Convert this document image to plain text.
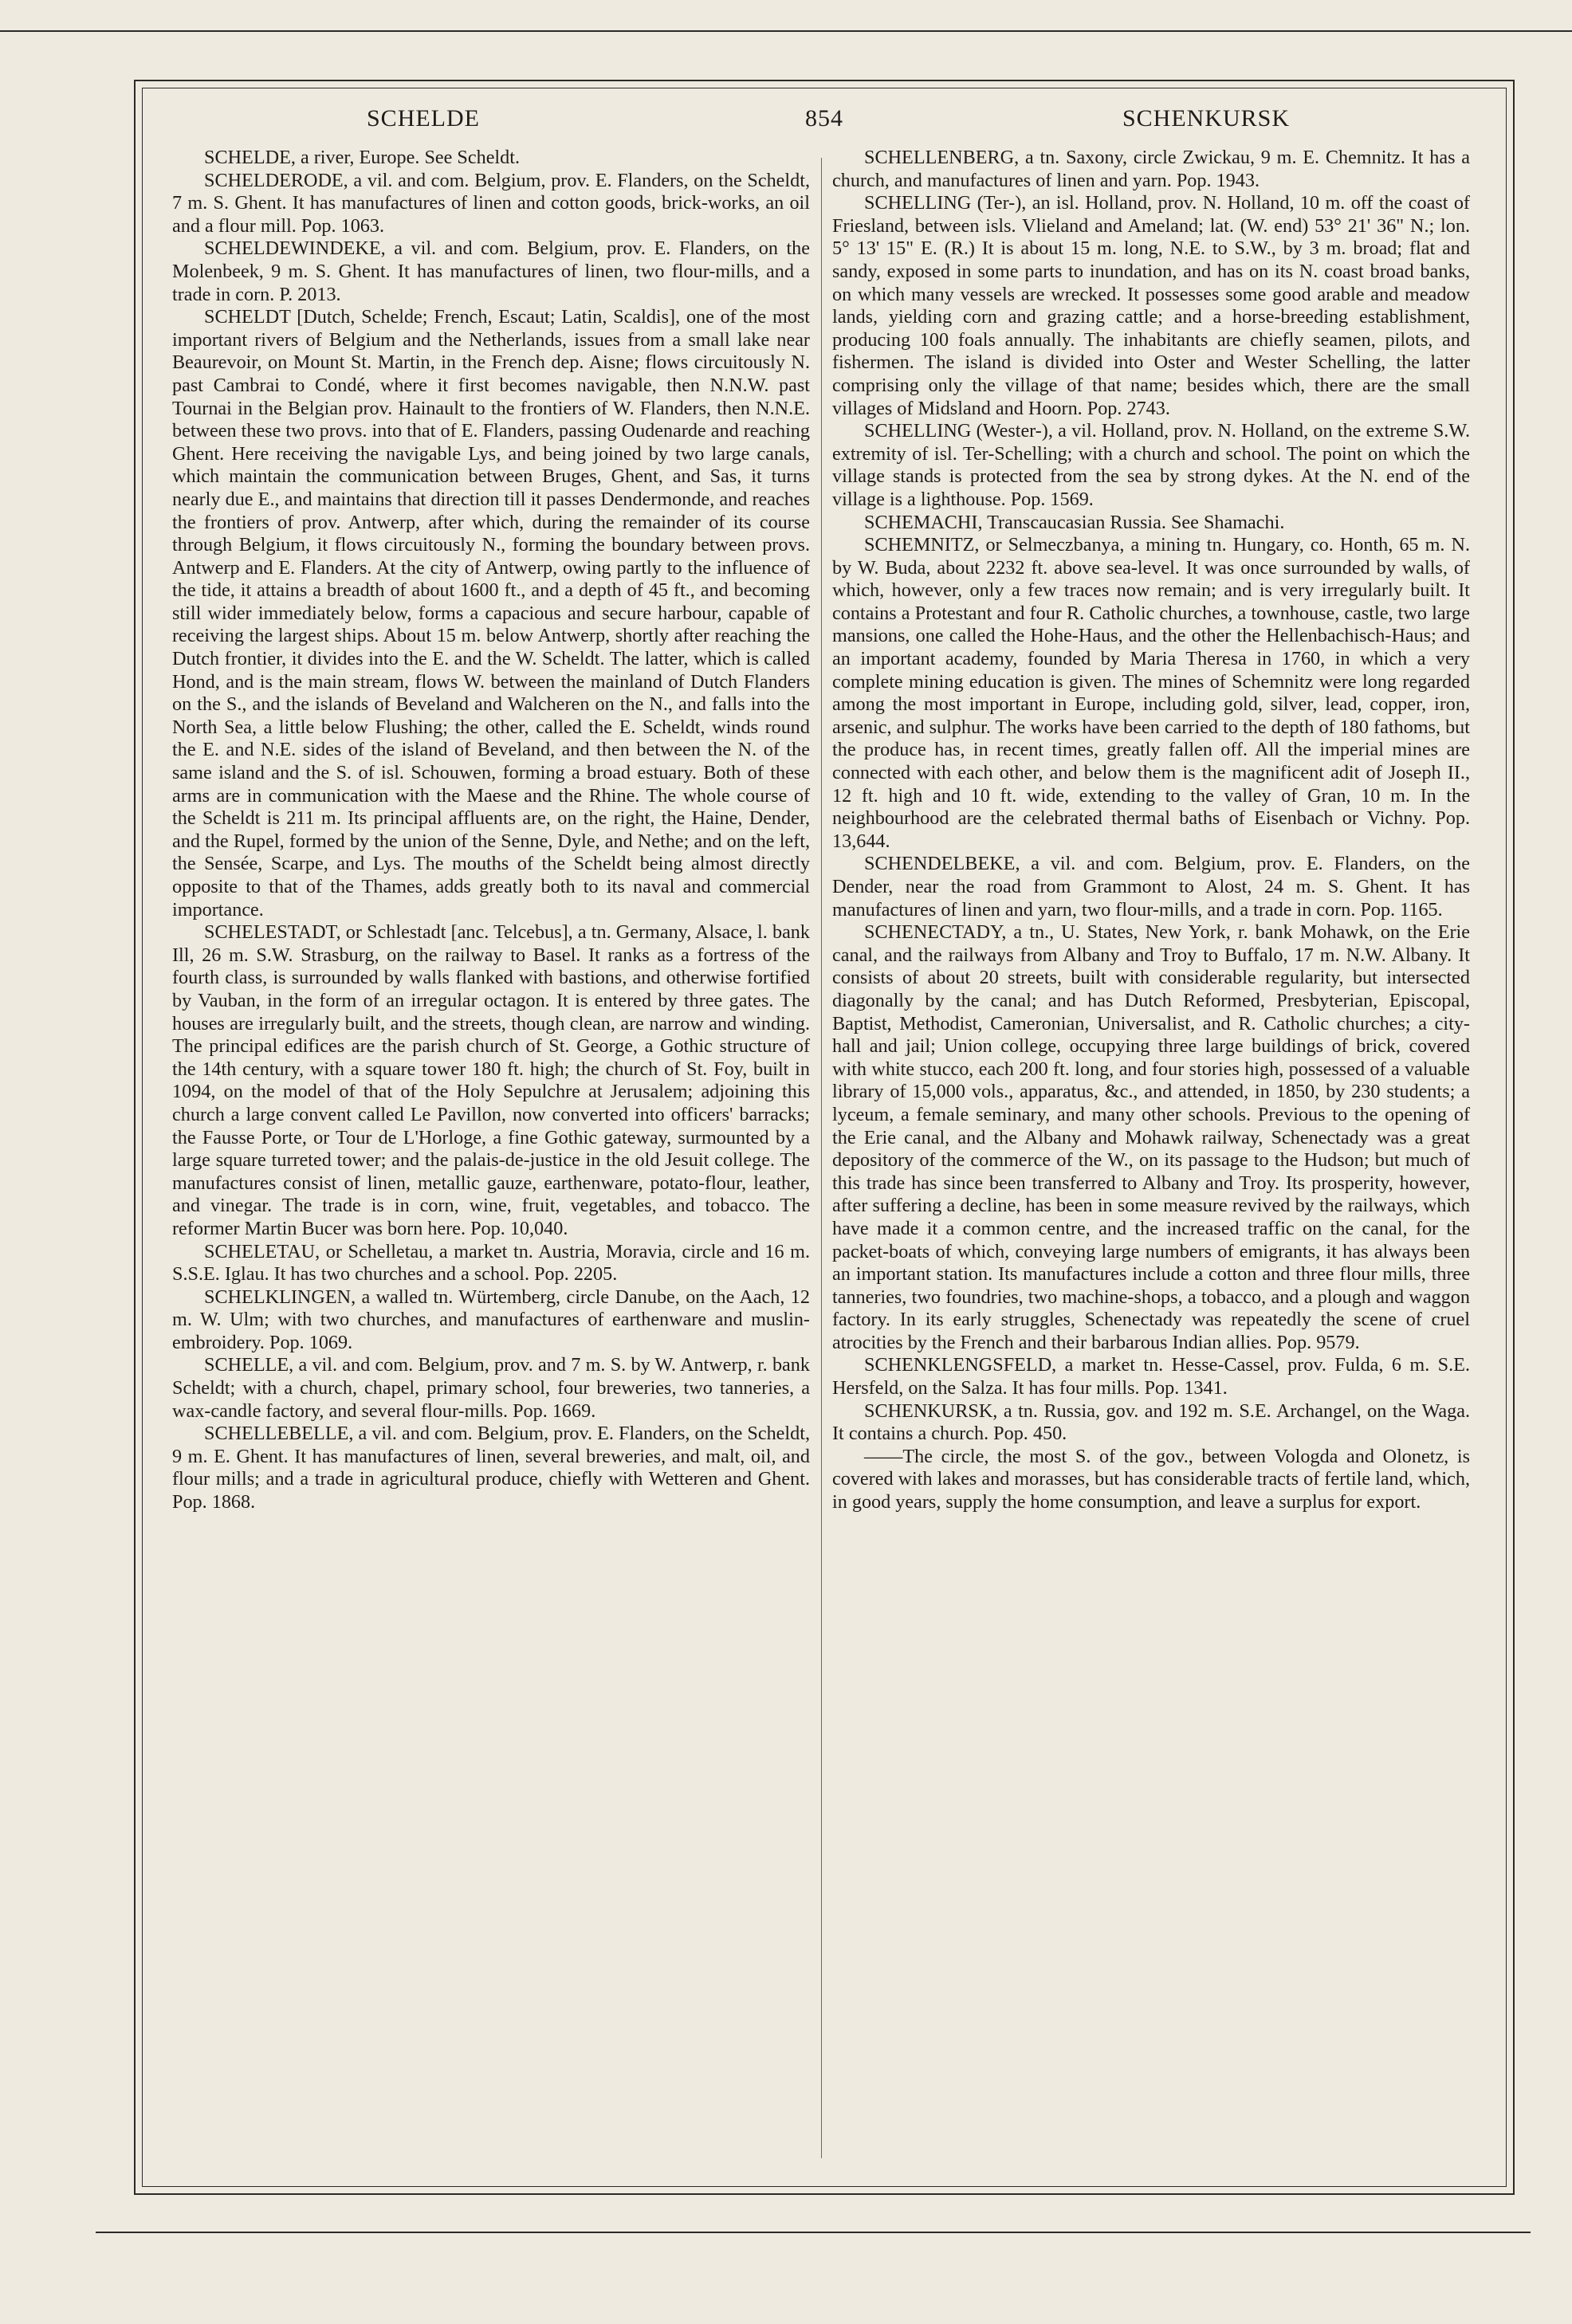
SCHELDE	854	SCHENKURSK

SCHELDE, a river, Europe. See Scheldt.

SCHELDERODE, a vil. and com. Belgium, prov. E. Flanders, on the Scheldt, 7 m. S. Ghent. It has manufactures of linen and cotton goods, brick-works, an oil and a flour mill. Pop. 1063.

SCHELDEWINDEKE, a vil. and com. Belgium, prov. E. Flanders, on the Molenbeek, 9 m. S. Ghent. It has manufactures of linen, two flour-mills, and a trade in corn. P. 2013.

SCHELDT [Dutch, Schelde; French, Escaut; Latin, Scaldis], one of the most important rivers of Belgium and the Netherlands, issues from a small lake near Beaurevoir, on Mount St. Martin, in the French dep. Aisne; flows circuitously N. past Cambrai to Condé, where it first becomes navigable, then N.N.W. past Tournai in the Belgian prov. Hainault to the frontiers of W. Flanders, then N.N.E. between these two provs. into that of E. Flanders, passing Oudenarde and reaching Ghent. Here receiving the navigable Lys, and being joined by two large canals, which maintain the communication between Bruges, Ghent, and Sas, it turns nearly due E., and maintains that direction till it passes Dendermonde, and reaches the frontiers of prov. Antwerp, after which, during the remainder of its course through Belgium, it flows circuitously N., forming the boundary between provs. Antwerp and E. Flanders. At the city of Antwerp, owing partly to the influence of the tide, it attains a breadth of about 1600 ft., and a depth of 45 ft., and becoming still wider immediately below, forms a capacious and secure harbour, capable of receiving the largest ships. About 15 m. below Antwerp, shortly after reaching the Dutch frontier, it divides into the E. and the W. Scheldt. The latter, which is called Hond, and is the main stream, flows W. between the mainland of Dutch Flanders on the S., and the islands of Beveland and Walcheren on the N., and falls into the North Sea, a little below Flushing; the other, called the E. Scheldt, winds round the E. and N.E. sides of the island of Beveland, and then between the N. of the same island and the S. of isl. Schouwen, forming a broad estuary. Both of these arms are in communication with the Maese and the Rhine. The whole course of the Scheldt is 211 m. Its principal affluents are, on the right, the Haine, Dender, and the Rupel, formed by the union of the Senne, Dyle, and Nethe; and on the left, the Sensée, Scarpe, and Lys. The mouths of the Scheldt being almost directly opposite to that of the Thames, adds greatly both to its naval and commercial importance.

SCHELESTADT, or Schlestadt [anc. Telcebus], a tn. Germany, Alsace, l. bank Ill, 26 m. S.W. Strasburg, on the railway to Basel. It ranks as a fortress of the fourth class, is surrounded by walls flanked with bastions, and otherwise fortified by Vauban, in the form of an irregular octagon. It is entered by three gates. The houses are irregularly built, and the streets, though clean, are narrow and winding. The principal edifices are the parish church of St. George, a Gothic structure of the 14th century, with a square tower 180 ft. high; the church of St. Foy, built in 1094, on the model of that of the Holy Sepulchre at Jerusalem; adjoining this church a large convent called Le Pavillon, now converted into officers' barracks; the Fausse Porte, or Tour de L'Horloge, a fine Gothic gateway, surmounted by a large square turreted tower; and the palais-de-justice in the old Jesuit college. The manufactures consist of linen, metallic gauze, earthenware, potato-flour, leather, and vinegar. The trade is in corn, wine, fruit, vegetables, and tobacco. The reformer Martin Bucer was born here. Pop. 10,040.

SCHELETAU, or Schelletau, a market tn. Austria, Moravia, circle and 16 m. S.S.E. Iglau. It has two churches and a school. Pop. 2205.

SCHELKLINGEN, a walled tn. Würtemberg, circle Danube, on the Aach, 12 m. W. Ulm; with two churches, and manufactures of earthenware and muslin-embroidery. Pop. 1069.

SCHELLE, a vil. and com. Belgium, prov. and 7 m. S. by W. Antwerp, r. bank Scheldt; with a church, chapel, primary school, four breweries, two tanneries, a wax-candle factory, and several flour-mills. Pop. 1669.

SCHELLEBELLE, a vil. and com. Belgium, prov. E. Flanders, on the Scheldt, 9 m. E. Ghent. It has manufactures of linen, several breweries, and malt, oil, and flour mills; and a trade in agricultural produce, chiefly with Wetteren and Ghent. Pop. 1868.

SCHELLENBERG, a tn. Saxony, circle Zwickau, 9 m. E. Chemnitz. It has a church, and manufactures of linen and yarn. Pop. 1943.

SCHELLING (Ter-), an isl. Holland, prov. N. Holland, 10 m. off the coast of Friesland, between isls. Vlieland and Ameland; lat. (W. end) 53° 21' 36" N.; lon. 5° 13' 15" E. (R.) It is about 15 m. long, N.E. to S.W., by 3 m. broad; flat and sandy, exposed in some parts to inundation, and has on its N. coast broad banks, on which many vessels are wrecked. It possesses some good arable and meadow lands, yielding corn and grazing cattle; and a horse-breeding establishment, producing 100 foals annually. The inhabitants are chiefly seamen, pilots, and fishermen. The island is divided into Oster and Wester Schelling, the latter comprising only the village of that name; besides which, there are the small villages of Midsland and Hoorn. Pop. 2743.

SCHELLING (Wester-), a vil. Holland, prov. N. Holland, on the extreme S.W. extremity of isl. Ter-Schelling; with a church and school. The point on which the village stands is protected from the sea by strong dykes. At the N. end of the village is a lighthouse. Pop. 1569.

SCHEMACHI, Transcaucasian Russia. See Shamachi.

SCHEMNITZ, or Selmeczbanya, a mining tn. Hungary, co. Honth, 65 m. N. by W. Buda, about 2232 ft. above sea-level. It was once surrounded by walls, of which, however, only a few traces now remain; and is very irregularly built. It contains a Protestant and four R. Catholic churches, a townhouse, castle, two large mansions, one called the Hohe-Haus, and the other the Hellenbachisch-Haus; and an important academy, founded by Maria Theresa in 1760, in which a very complete mining education is given. The mines of Schemnitz were long regarded among the most important in Europe, including gold, silver, lead, copper, iron, arsenic, and sulphur. The works have been carried to the depth of 180 fathoms, but the produce has, in recent times, greatly fallen off. All the imperial mines are connected with each other, and below them is the magnificent adit of Joseph II., 12 ft. high and 10 ft. wide, extending to the valley of Gran, 10 m. In the neighbourhood are the celebrated thermal baths of Eisenbach or Vichny. Pop. 13,644.

SCHENDELBEKE, a vil. and com. Belgium, prov. E. Flanders, on the Dender, near the road from Grammont to Alost, 24 m. S. Ghent. It has manufactures of linen and yarn, two flour-mills, and a trade in corn. Pop. 1165.

SCHENECTADY, a tn., U. States, New York, r. bank Mohawk, on the Erie canal, and the railways from Albany and Troy to Buffalo, 17 m. N.W. Albany. It consists of about 20 streets, built with considerable regularity, but intersected diagonally by the canal; and has Dutch Reformed, Presbyterian, Episcopal, Baptist, Methodist, Cameronian, Universalist, and R. Catholic churches; a city-hall and jail; Union college, occupying three large buildings of brick, covered with white stucco, each 200 ft. long, and four stories high, possessed of a valuable library of 15,000 vols., apparatus, &c., and attended, in 1850, by 230 students; a lyceum, a female seminary, and many other schools. Previous to the opening of the Erie canal, and the Albany and Mohawk railway, Schenectady was a great depository of the commerce of the W., on its passage to the Hudson; but much of this trade has since been transferred to Albany and Troy. Its prosperity, however, after suffering a decline, has been in some measure revived by the railways, which have made it a common centre, and the increased traffic on the canal, for the packet-boats of which, conveying large numbers of emigrants, it has always been an important station. Its manufactures include a cotton and three flour mills, three tanneries, two foundries, two machine-shops, a tobacco, and a plough and waggon factory. In its early struggles, Schenectady was repeatedly the scene of cruel atrocities by the French and their barbarous Indian allies. Pop. 9579.

SCHENKLENGSFELD, a market tn. Hesse-Cassel, prov. Fulda, 6 m. S.E. Hersfeld, on the Salza. It has four mills. Pop. 1341.

SCHENKURSK, a tn. Russia, gov. and 192 m. S.E. Archangel, on the Waga. It contains a church. Pop. 450.

——The circle, the most S. of the gov., between Vologda and Olonetz, is covered with lakes and morasses, but has considerable tracts of fertile land, which, in good years, supply the home consumption, and leave a surplus for export.
